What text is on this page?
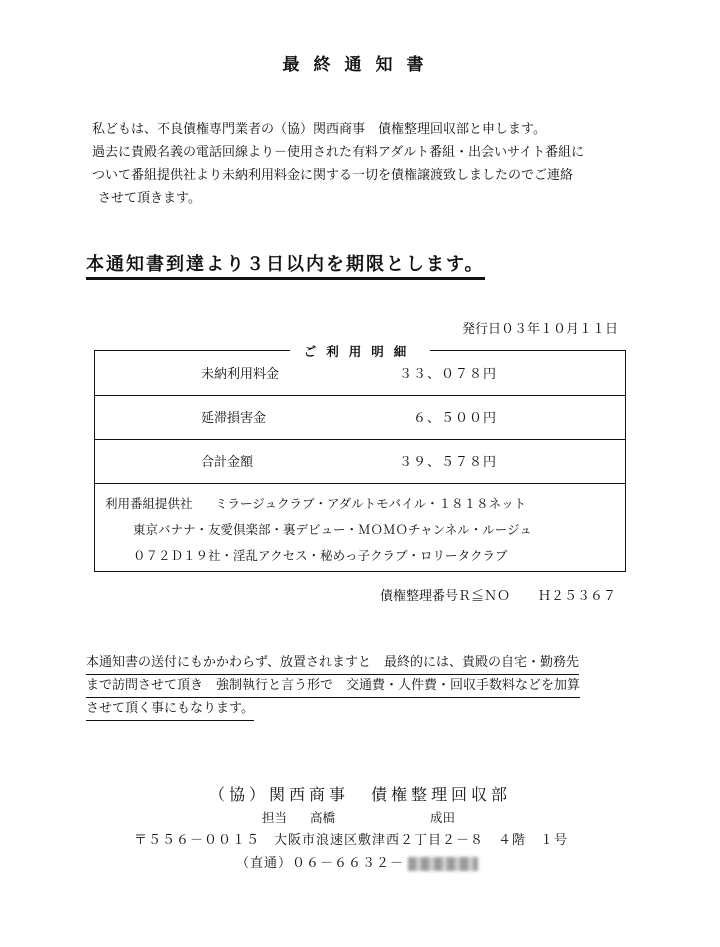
最終通知書
私どもは、不良債権専門業者の（協）関西商事　債権整理回収部と申します。
過去に貴殿名義の電話回線より－使用された有料アダルト番組・出会いサイト番組に
ついて番組提供社より未納利用料金に関する一切を債権譲渡致しましたのでご連絡
させて頂きます。
本通知書到達より３日以内を期限とします。
発行日０３年１０月１１日
ご利用明細
未納利用料金	３３、０７８円
延滞損害金	６、５００円
合計金額	３９、５７８円
利用番組提供社 ミラージュクラブ・アダルトモバイル・１８１８ネット
東京バナナ・友愛倶楽部・裏デビュー・ＭＯＭＯチャンネル・ルージュ
０７２Ｄ１９社・淫乱アクセス・秘めっ子クラブ・ロリータクラブ
債権整理番号Ｒ≦ＮＯ Ｈ２５３６７
本通知書の送付にもかかわらず、放置されますと　最終的には、貴殿の自宅・勤務先
まで訪問させて頂き　強制執行と言う形で　交通費・人件費・回収手数料などを加算
させて頂く事にもなります。
（協）関西商事 債権整理回収部
担当 高橋	成田
〒５５６－００１５ 大阪市浪速区敷津西２丁目２－８　４階　１号
（直通）０６－６６３２－
